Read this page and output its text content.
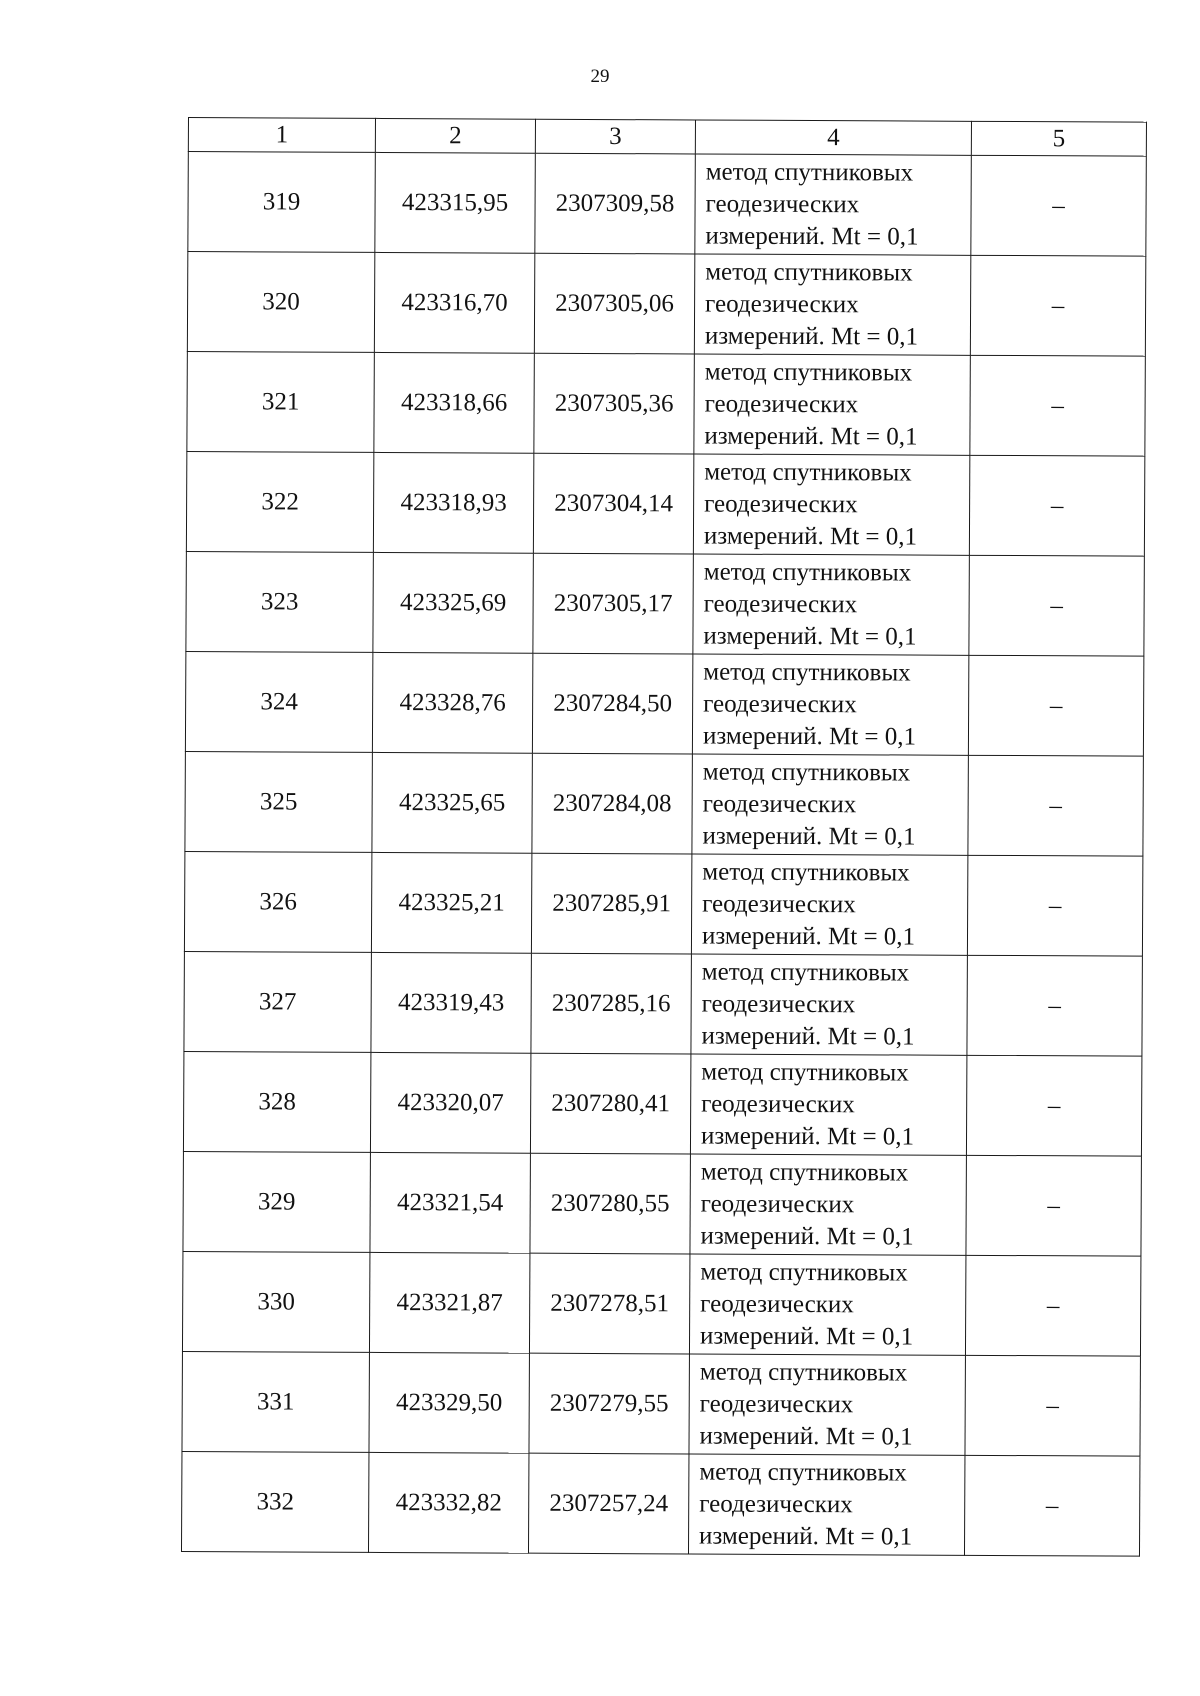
29
1	2	3	4	5
319	423315,95	2307309,58	метод спутниковых
геодезических
измерений. Mt = 0,1	–
320	423316,70	2307305,06	метод спутниковых
геодезических
измерений. Mt = 0,1	–
321	423318,66	2307305,36	метод спутниковых
геодезических
измерений. Mt = 0,1	–
322	423318,93	2307304,14	метод спутниковых
геодезических
измерений. Mt = 0,1	–
323	423325,69	2307305,17	метод спутниковых
геодезических
измерений. Mt = 0,1	–
324	423328,76	2307284,50	метод спутниковых
геодезических
измерений. Mt = 0,1	–
325	423325,65	2307284,08	метод спутниковых
геодезических
измерений. Mt = 0,1	–
326	423325,21	2307285,91	метод спутниковых
геодезических
измерений. Mt = 0,1	–
327	423319,43	2307285,16	метод спутниковых
геодезических
измерений. Mt = 0,1	–
328	423320,07	2307280,41	метод спутниковых
геодезических
измерений. Mt = 0,1	–
329	423321,54	2307280,55	метод спутниковых
геодезических
измерений. Mt = 0,1	–
330	423321,87	2307278,51	метод спутниковых
геодезических
измерений. Mt = 0,1	–
331	423329,50	2307279,55	метод спутниковых
геодезических
измерений. Mt = 0,1	–
332	423332,82	2307257,24	метод спутниковых
геодезических
измерений. Mt = 0,1	–
